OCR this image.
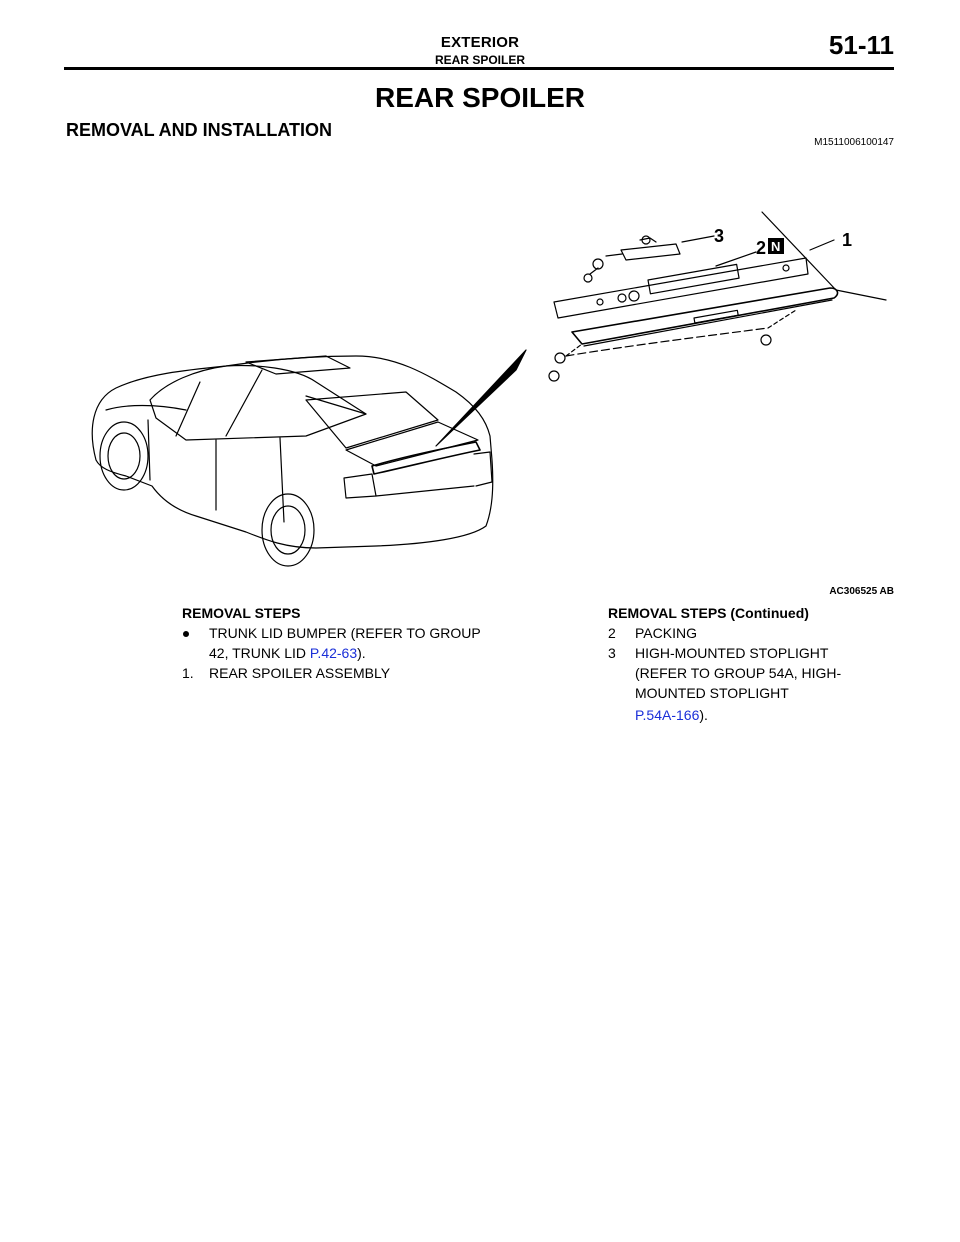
EXTERIOR
REAR SPOILER	51-11
REAR SPOILER
REMOVAL AND INSTALLATION
M1511006100147
3
2 N	1
AC306525 AB
REMOVAL STEPS
TRUNK LID BUMPER (REFER TO GROUP 42, TRUNK LID P.42-63).
1.	REAR SPOILER ASSEMBLY
REMOVAL STEPS (Continued)
2	PACKING
3	HIGH-MOUNTED STOPLIGHT (REFER TO GROUP 54A, HIGH-MOUNTED STOPLIGHT
P.54A-166).
